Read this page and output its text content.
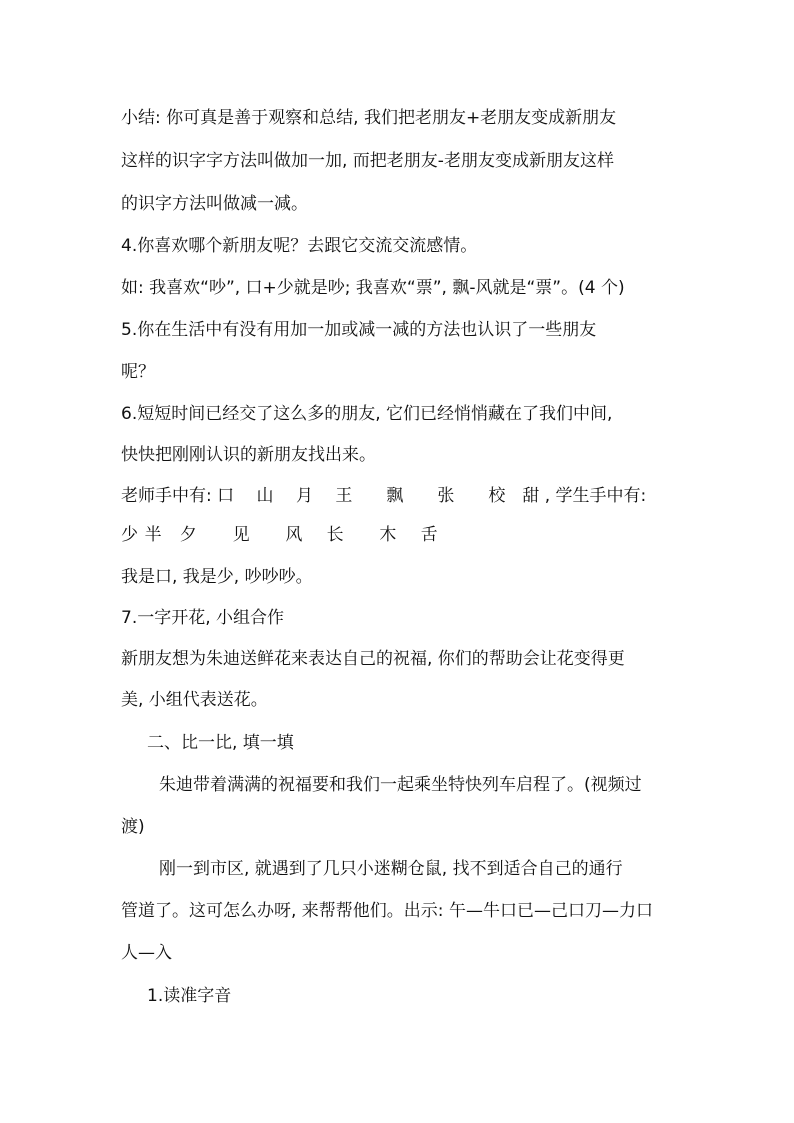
小结: 你可真是善于观察和总结, 我们把老朋友+老朋友变成新朋友
这样的识字字方法叫做加一加, 而把老朋友-老朋友变成新朋友这样
的识字方法叫做减一减。
4.你喜欢哪个新朋友呢？去跟它交流交流感情。
如: 我喜欢“吵”, 口+少就是吵; 我喜欢“票”, 飘-风就是“票”。(4 个)
5.你在生活中有没有用加一加或减一减的方法也认识了一些朋友
呢？
6.短短时间已经交了这么多的朋友, 它们已经悄悄藏在了我们中间,
快快把刚刚认识的新朋友找出来。
老师手中有: 口　 山　 月　 王　　飘　　张　　校　甜 , 学生手中有:
少 半　夕　　见　　风　 长　　木　 舌
我是口, 我是少, 吵吵吵。
7.一字开花, 小组合作
新朋友想为朱迪送鲜花来表达自己的祝福, 你们的帮助会让花变得更
美, 小组代表送花。
二、比一比, 填一填
朱迪带着满满的祝福要和我们一起乘坐特快列车启程了。(视频过
渡)
刚一到市区, 就遇到了几只小迷糊仓鼠, 找不到适合自己的通行
管道了。这可怎么办呀, 来帮帮他们。出示: 午—牛口已—己口刀—力口
人—入
1.读准字音
